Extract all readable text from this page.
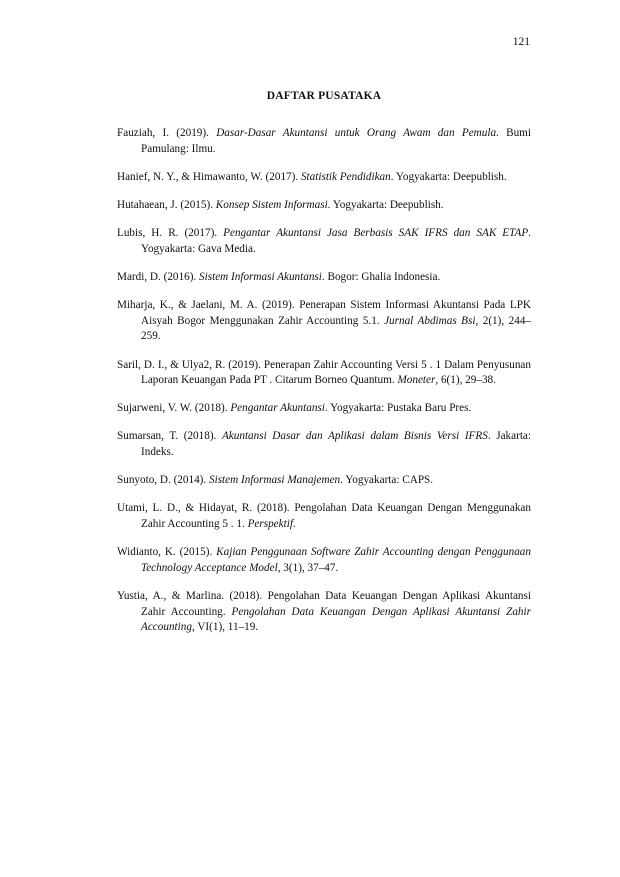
121
DAFTAR PUSATAKA

Fauziah, I. (2019). Dasar-Dasar Akuntansi untuk Orang Awam dan Pemula. Bumi Pamulang: Ilmu.

Hanief, N. Y., & Himawanto, W. (2017). Statistik Pendidikan. Yogyakarta: Deepublish.

Hutahaean, J. (2015). Konsep Sistem Informasi. Yogyakarta: Deepublish.

Lubis, H. R. (2017). Pengantar Akuntansi Jasa Berbasis SAK IFRS dan SAK ETAP. Yogyakarta: Gava Media.

Mardi, D. (2016). Sistem Informasi Akuntansi. Bogor: Ghalia Indonesia.

Miharja, K., & Jaelani, M. A. (2019). Penerapan Sistem Informasi Akuntansi Pada LPK Aisyah Bogor Menggunakan Zahir Accounting 5.1. Jurnal Abdimas Bsi, 2(1), 244–259.

Saril, D. I., & Ulya2, R. (2019). Penerapan Zahir Accounting Versi 5 . 1 Dalam Penyusunan Laporan Keuangan Pada PT . Citarum Borneo Quantum. Moneter, 6(1), 29–38.

Sujarweni, V. W. (2018). Pengantar Akuntansi. Yogyakarta: Pustaka Baru Pres.

Sumarsan, T. (2018). Akuntansi Dasar dan Aplikasi dalam Bisnis Versi IFRS. Jakarta: Indeks.

Sunyoto, D. (2014). Sistem Informasi Manajemen. Yogyakarta: CAPS.

Utami, L. D., & Hidayat, R. (2018). Pengolahan Data Keuangan Dengan Menggunakan Zahir Accounting 5 . 1. Perspektif.

Widianto, K. (2015). Kajian Penggunaan Software Zahir Accounting dengan Penggunaan Technology Acceptance Model, 3(1), 37–47.

Yustia, A., & Marlina. (2018). Pengolahan Data Keuangan Dengan Aplikasi Akuntansi Zahir Accounting. Pengolahan Data Keuangan Dengan Aplikasi Akuntansi Zahir Accounting, VI(1), 11–19.
